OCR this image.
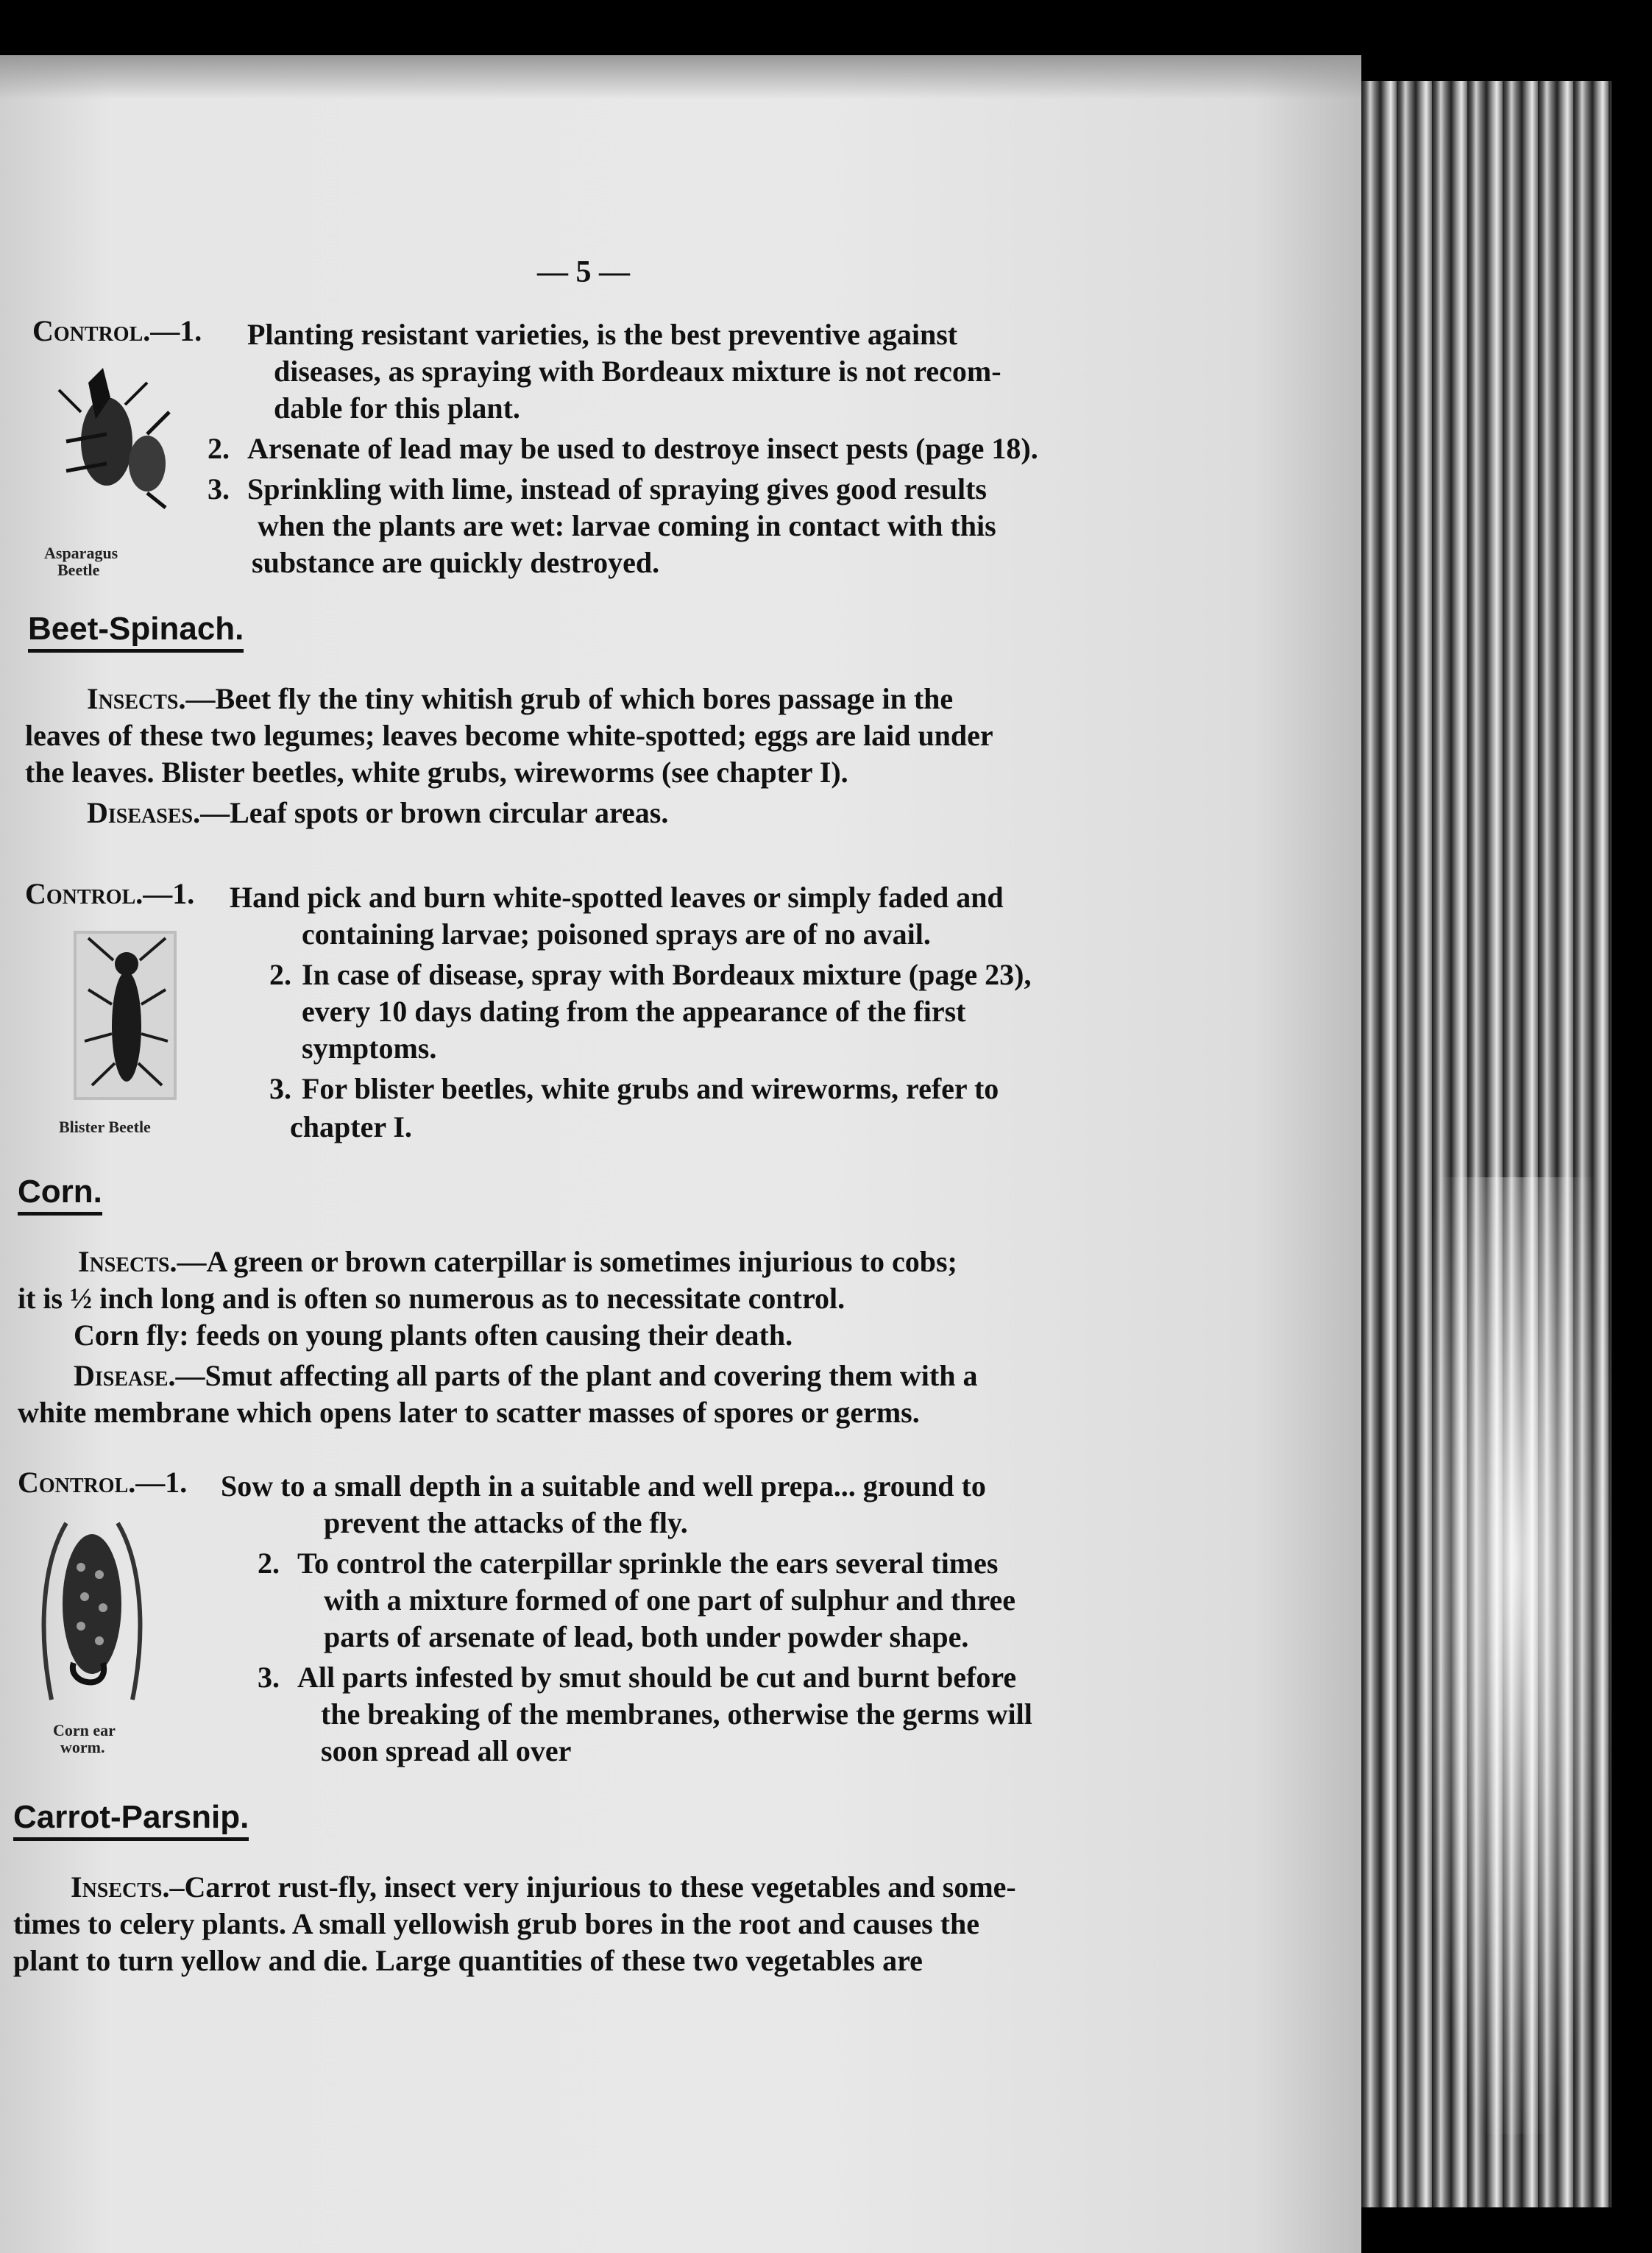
— 5 —
Control.—1. Planting resistant varieties, is the best preventive against
diseases, as spraying with Bordeaux mixture is not recom-
dable for this plant.
2. Arsenate of lead may be used to destroye insect pests (page 18).
3. Sprinkling with lime, instead of spraying gives good results
when the plants are wet: larvae coming in contact with this
substance are quickly destroyed.
Asparagus
Beetle
Beet-Spinach.
Insects.—Beet fly the tiny whitish grub of which bores passage in the
leaves of these two legumes; leaves become white-spotted; eggs are laid under
the leaves. Blister beetles, white grubs, wireworms (see chapter I).
Diseases.—Leaf spots or brown circular areas.
Control.—1. Hand pick and burn white-spotted leaves or simply faded and
containing larvae; poisoned sprays are of no avail.
2. In case of disease, spray with Bordeaux mixture (page 23),
every 10 days dating from the appearance of the first
symptoms.
3. For blister beetles, white grubs and wireworms, refer to
chapter I.
Blister Beetle
Corn.
Insects.—A green or brown caterpillar is sometimes injurious to cobs;
it is ½ inch long and is often so numerous as to necessitate control.
Corn fly: feeds on young plants often causing their death.
Disease.—Smut affecting all parts of the plant and covering them with a
white membrane which opens later to scatter masses of spores or germs.
Control.—1. Sow to a small depth in a suitable and well prepa... ground to
prevent the attacks of the fly.
2. To control the caterpillar sprinkle the ears several times
with a mixture formed of one part of sulphur and three
parts of arsenate of lead, both under powder shape.
3. All parts infested by smut should be cut and burnt before
the breaking of the membranes, otherwise the germs will
soon spread all over
Corn ear
worm.
Carrot-Parsnip.
Insects.–Carrot rust-fly, insect very injurious to these vegetables and some-
times to celery plants. A small yellowish grub bores in the root and causes the
plant to turn yellow and die. Large quantities of these two vegetables are
